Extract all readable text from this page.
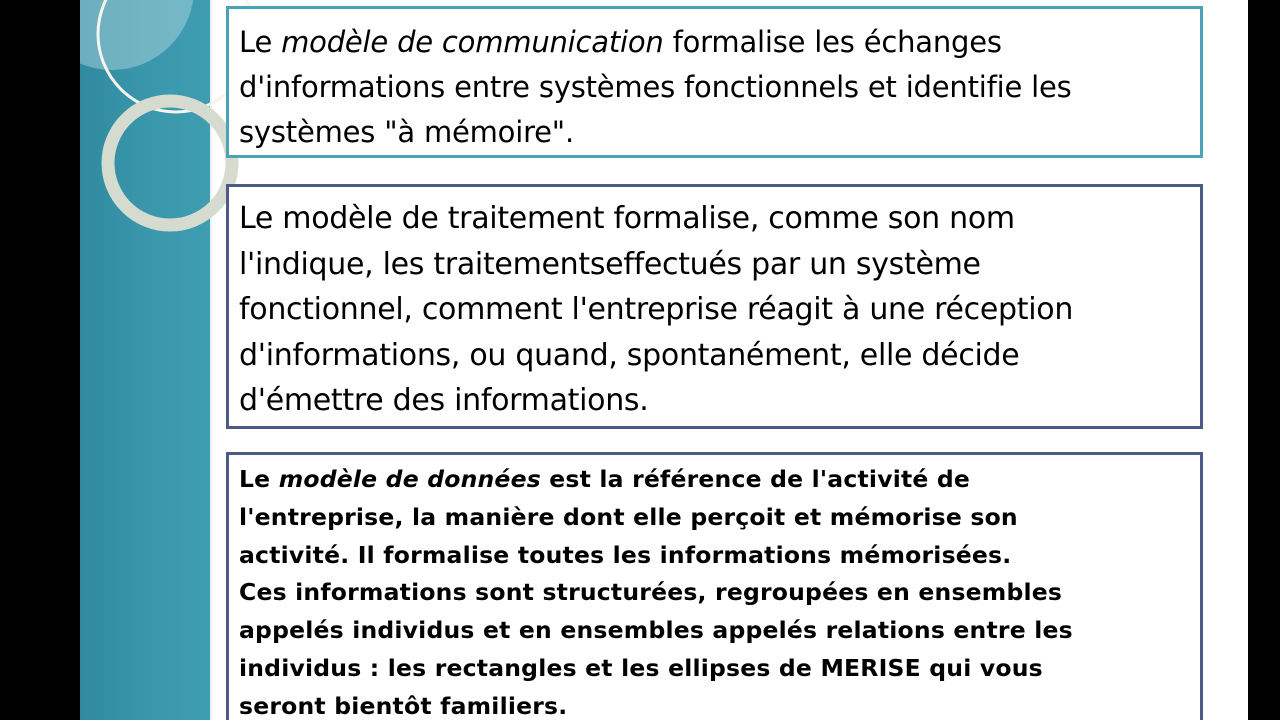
Le modèle de communication formalise les échanges
d'informations entre systèmes fonctionnels et identifie les
systèmes "à mémoire".
Le modèle de traitement formalise, comme son nom
l'indique, les traitementseffectués par un système
fonctionnel, comment l'entreprise réagit à une réception
d'informations, ou quand, spontanément, elle décide
d'émettre des informations.
Le modèle de données est la référence de l'activité de
l'entreprise, la manière dont elle perçoit et mémorise son
activité. Il formalise toutes les informations mémorisées.
Ces informations sont structurées, regroupées en ensembles
appelés individus et en ensembles appelés relations entre les
individus : les rectangles et les ellipses de MERISE qui vous
seront bientôt familiers.
